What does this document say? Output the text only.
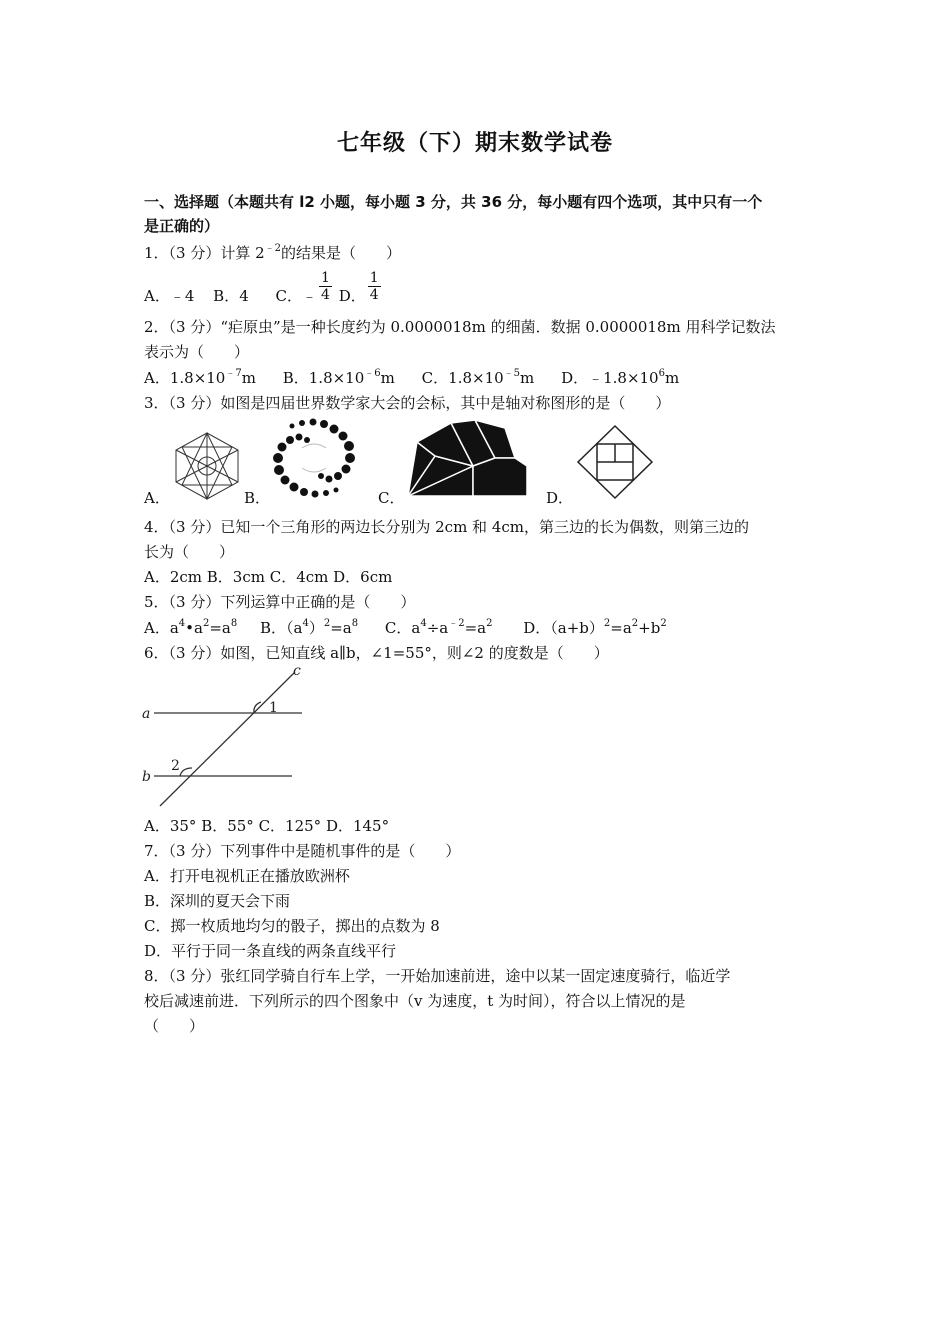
七年级（下）期末数学试卷
一、选择题（本题共有 l2 小题，每小题 3 分，共 36 分，每小题有四个选项，其中只有一个
是正确的）
1．（3 分）计算 $2^{﹣2}$的结果是（　　）
A．﹣4 B．4 C．﹣ $\frac{1}{4}$ D． $\frac{1}{4}$
2．（3 分）“疟原虫”是一种长度约为 0.0000018m 的细菌．数据 0.0000018m 用科学记数法
表示为（　　）
A．$1.8\times 10^{﹣7}m$ B．$1.8\times 10^{﹣6}m$ C．$1.8\times 10^{﹣5}m$ D．$﹣1.8\times 10^6m$
3．（3 分）如图是四届世界数学家大会的会标，其中是轴对称图形的是（　　）
A．	B．	C．	D．
4．（3 分）已知一个三角形的两边长分别为 2cm 和 4cm，第三边的长为偶数，则第三边的
长为（　　）
A．2cm B．3cm C．4cm D．6cm
5．（3 分）下列运算中正确的是（　　）
A．$a^4•a^2=a^8$ B．$(a^4)^2=a^8$ C．$a^4\div a^{﹣2}=a^2$ D．$(a+b)^2=a^2+b^2$
6．（3 分）如图，已知直线 a∥b，∠1=55°，则∠2 的度数是（　　）
a
b
c
1
2
A．35° B．55° C．125° D．145°
7．（3 分）下列事件中是随机事件的是（　　）
A．打开电视机正在播放欧洲杯
B．深圳的夏天会下雨
C．掷一枚质地均匀的骰子，掷出的点数为 8
D．平行于同一条直线的两条直线平行
8．（3 分）张红同学骑自行车上学，一开始加速前进，途中以某一固定速度骑行，临近学
校后减速前进．下列所示的四个图象中（v 为速度，t 为时间），符合以上情况的是
（　　）
